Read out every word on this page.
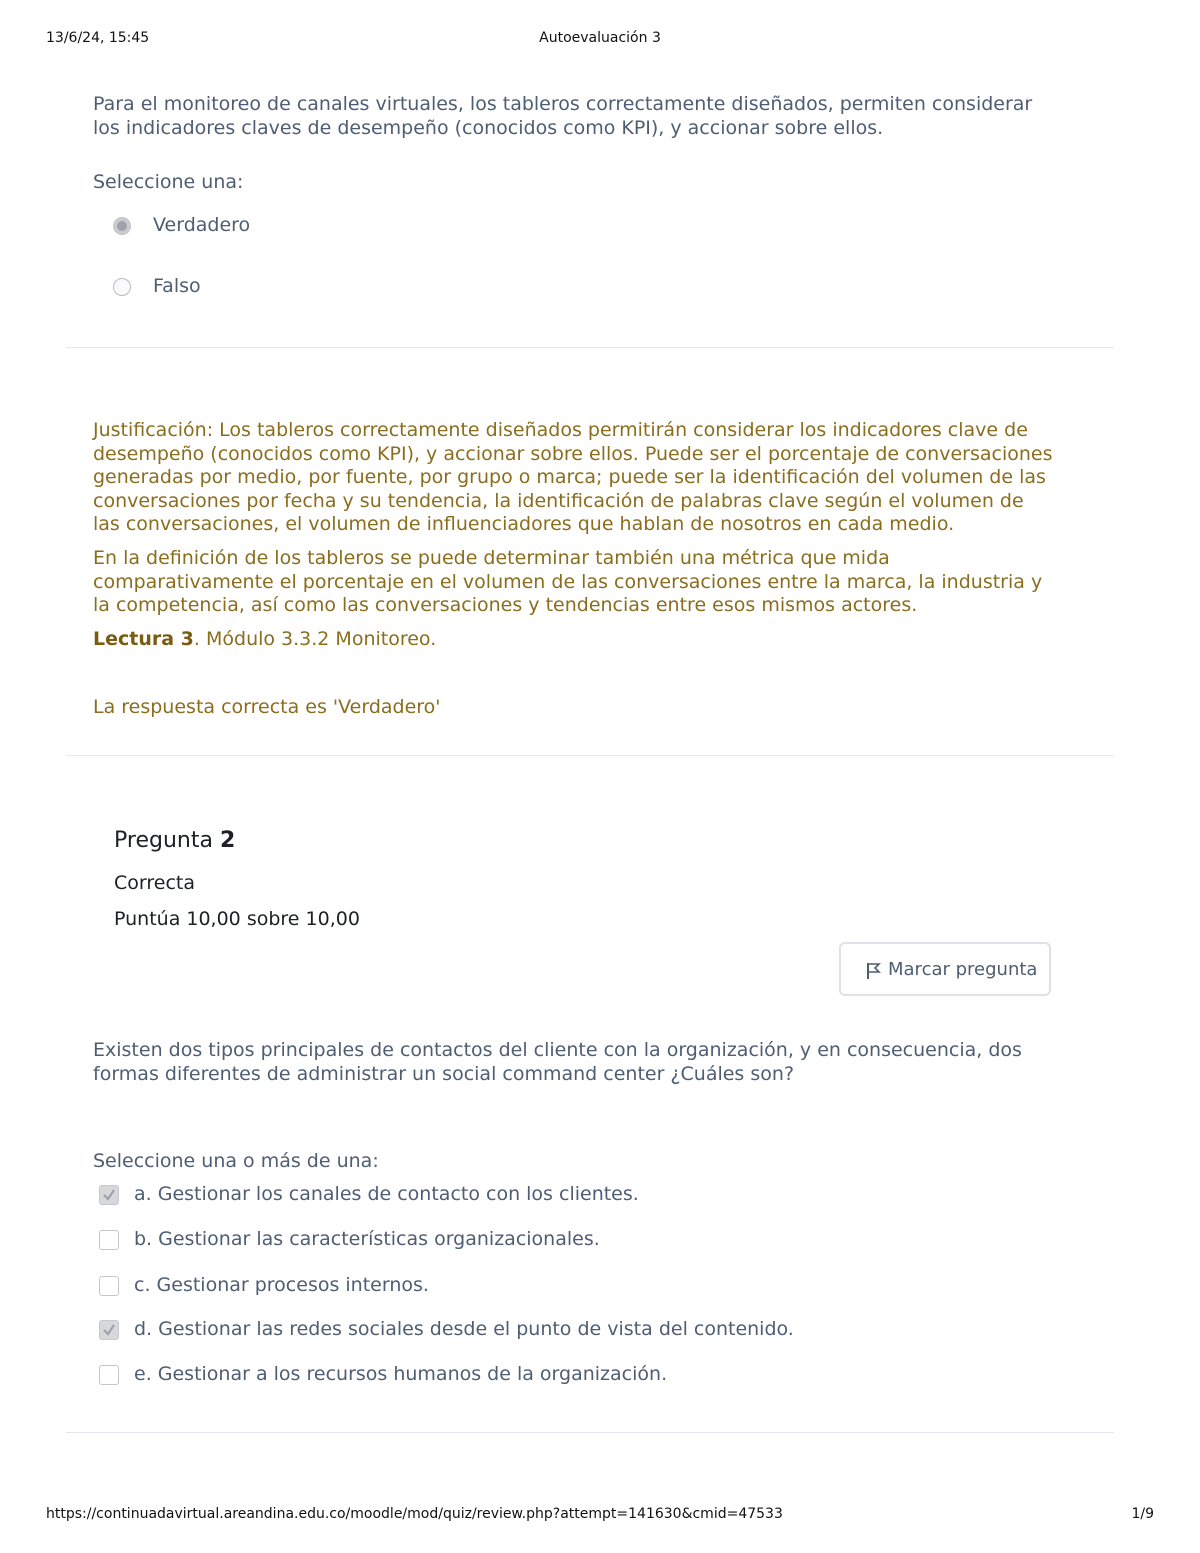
13/6/24, 15:45	Autoevaluación 3
Para el monitoreo de canales virtuales, los tableros correctamente diseñados, permiten considerar los indicadores claves de desempeño (conocidos como KPI), y accionar sobre ellos.
Seleccione una:
Verdadero
Falso
Justificación: Los tableros correctamente diseñados permitirán considerar los indicadores clave de desempeño (conocidos como KPI), y accionar sobre ellos. Puede ser el porcentaje de conversaciones generadas por medio, por fuente, por grupo o marca; puede ser la identificación del volumen de las conversaciones por fecha y su tendencia, la identificación de palabras clave según el volumen de las conversaciones, el volumen de influenciadores que hablan de nosotros en cada medio.
En la definición de los tableros se puede determinar también una métrica que mida comparativamente el porcentaje en el volumen de las conversaciones entre la marca, la industria y la competencia, así como las conversaciones y tendencias entre esos mismos actores.
Lectura 3. Módulo 3.3.2 Monitoreo.
La respuesta correcta es 'Verdadero'
Pregunta 2
Correcta
Puntúa 10,00 sobre 10,00
Marcar pregunta
Existen dos tipos principales de contactos del cliente con la organización, y en consecuencia, dos formas diferentes de administrar un social command center ¿Cuáles son?
Seleccione una o más de una:
a. Gestionar los canales de contacto con los clientes.
b. Gestionar las características organizacionales.
c. Gestionar procesos internos.
d. Gestionar las redes sociales desde el punto de vista del contenido.
e. Gestionar a los recursos humanos de la organización.
https://continuadavirtual.areandina.edu.co/moodle/mod/quiz/review.php?attempt=141630&cmid=47533	1/9
